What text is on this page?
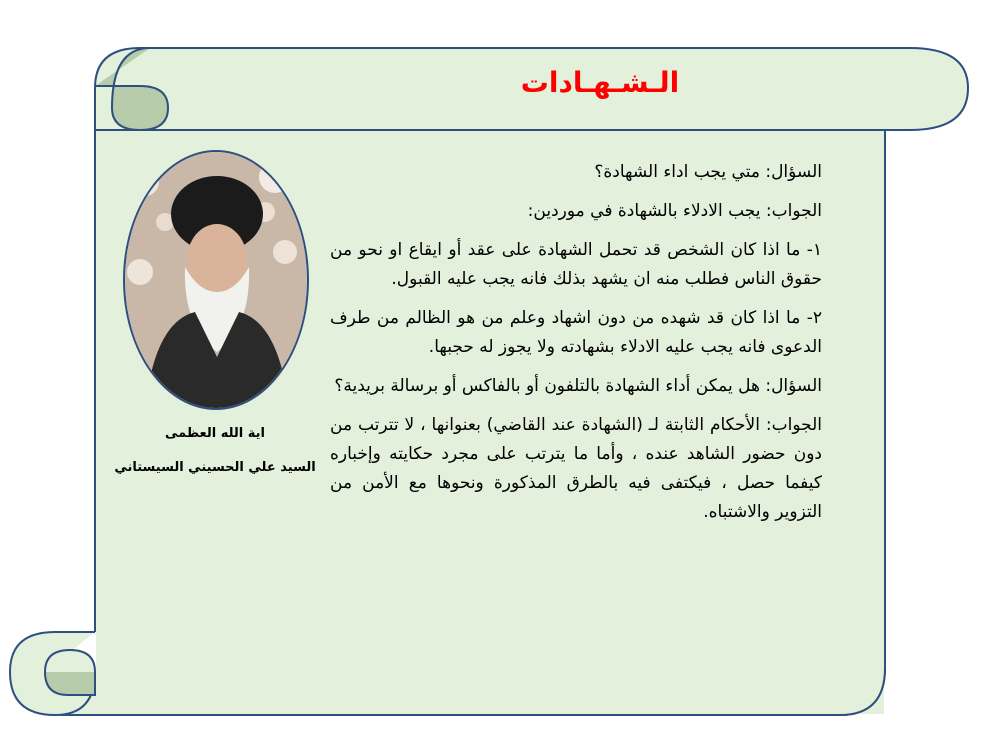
الـشـهـادات
اية الله العظمى
السيد علي الحسيني السيستاني

السؤال: متي يجب اداء الشهادة؟

الجواب: يجب الادلاء بالشهادة في موردين:

١- ما اذا كان الشخص قد تحمل الشهادة على عقد أو ايقاع او نحو من حقوق الناس فطلب منه ان يشهد بذلك فانه يجب عليه القبول.

٢- ما اذا كان قد شهده من دون اشهاد وعلم من هو الظالم من طرف الدعوى فانه يجب عليه الادلاء بشهادته ولا يجوز له حجبها.

السؤال: هل يمكن أداء الشهادة بالتلفون أو بالفاكس أو برسالة بريدية؟

الجواب: الأحكام الثابتة لـ (الشهادة عند القاضي) بعنوانها ، لا تترتب من دون حضور الشاهد عنده ، وأما ما يترتب على مجرد حكايته وإخباره كيفما حصل ، فيكتفى فيه بالطرق المذكورة ونحوها مع الأمن من التزوير والاشتباه.
